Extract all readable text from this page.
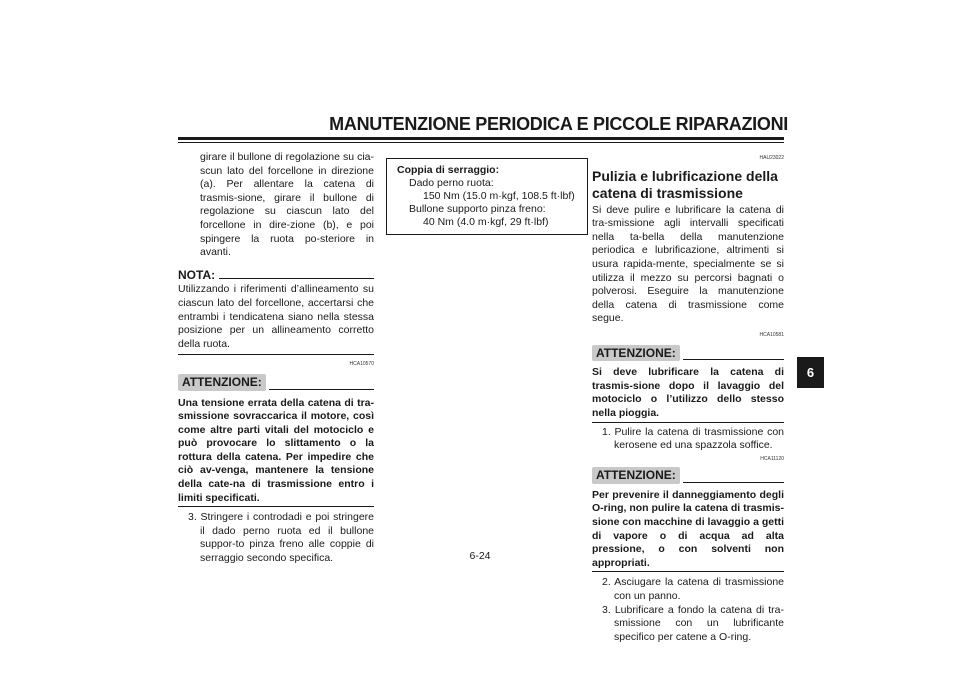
MANUTENZIONE PERIODICA E PICCOLE RIPARAZIONI
6

girare il bullone di regolazione su cia-scun lato del forcellone in direzione (a). Per allentare la catena di trasmis-sione, girare il bullone di regolazione su ciascun lato del forcellone in dire-zione (b), e poi spingere la ruota po-steriore in avanti.

NOTA:

Utilizzando i riferimenti d’allineamento su ciascun lato del forcellone, accertarsi che entrambi i tendicatena siano nella stessa posizione per un allineamento corretto della ruota.

HCA10570
ATTENZIONE:

Una tensione errata della catena di tra-smissione sovraccarica il motore, così come altre parti vitali del motociclo e può provocare lo slittamento o la rottura della catena. Per impedire che ciò av-venga, mantenere la tensione della cate-na di trasmissione entro i limiti specificati.

3. Stringere i controdadi e poi stringere il dado perno ruota ed il bullone suppor-to pinza freno alle coppie di serraggio secondo specifica.

Coppia di serraggio:
Dado perno ruota:
150 Nm (15.0 m·kgf, 108.5 ft·lbf)
Bullone supporto pinza freno:
40 Nm (4.0 m·kgf, 29 ft·lbf)
HAU23022
Pulizia e lubrificazione della catena di trasmissione

Si deve pulire e lubrificare la catena di tra-smissione agli intervalli specificati nella ta-bella della manutenzione periodica e lubrificazione, altrimenti si usura rapida-mente, specialmente se si utilizza il mezzo su percorsi bagnati o polverosi. Eseguire la manutenzione della catena di trasmissione come segue.

HCA10581
ATTENZIONE:

Si deve lubrificare la catena di trasmis-sione dopo il lavaggio del motociclo o l’utilizzo dello stesso nella pioggia.

1. Pulire la catena di trasmissione con kerosene ed una spazzola soffice.

HCA11120
ATTENZIONE:

Per prevenire il danneggiamento degli O-ring, non pulire la catena di trasmis-sione con macchine di lavaggio a getti di vapore o di acqua ad alta pressione, o con solventi non appropriati.

2. Asciugare la catena di trasmissione con un panno.

3. Lubrificare a fondo la catena di tra-smissione con un lubrificante specifico per catene a O-ring.

6-24
